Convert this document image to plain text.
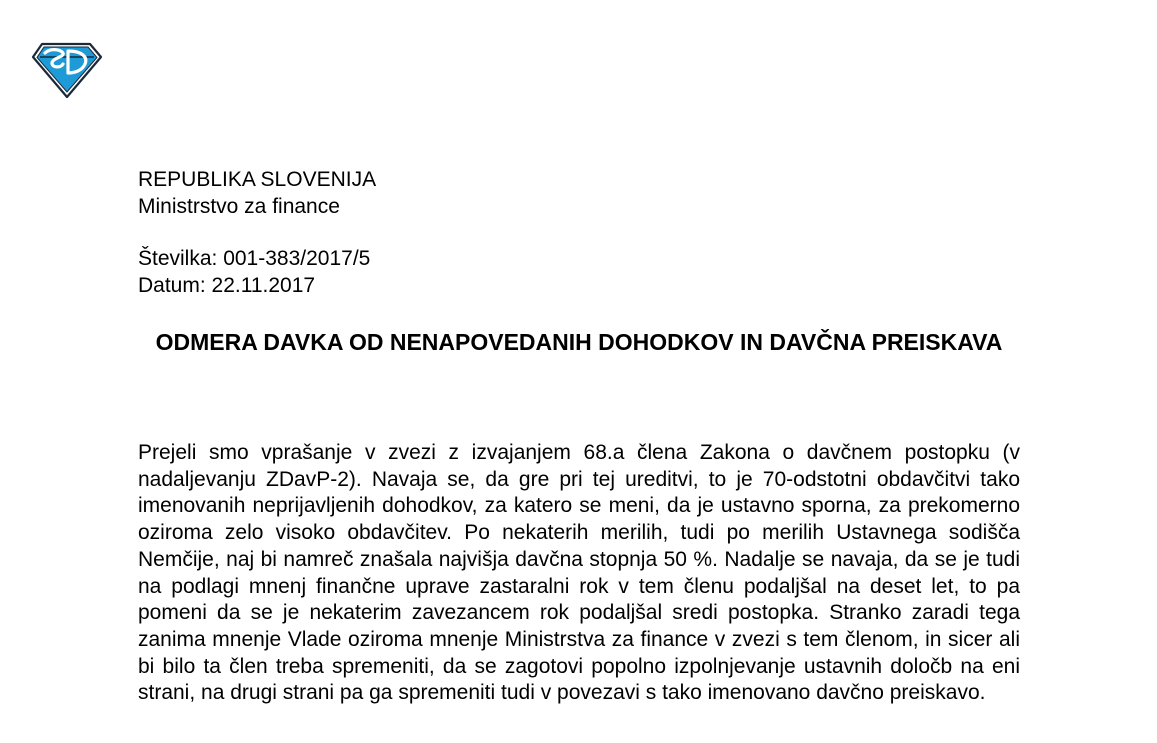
REPUBLIKA SLOVENIJA
Ministrstvo za finance
Številka: 001-383/2017/5
Datum: 22.11.2017
ODMERA DAVKA OD NENAPOVEDANIH DOHODKOV IN DAVČNA PREISKAVA

Prejeli smo vprašanje v zvezi z izvajanjem 68.a člena Zakona o davčnem postopku (v nadaljevanju ZDavP-2). Navaja se, da gre pri tej ureditvi, to je 70-odstotni obdavčitvi tako imenovanih neprijavljenih dohodkov, za katero se meni, da je ustavno sporna, za prekomerno oziroma zelo visoko obdavčitev. Po nekaterih merilih, tudi po merilih Ustavnega sodišča Nemčije, naj bi namreč znašala najvišja davčna stopnja 50 %. Nadalje se navaja, da se je tudi na podlagi mnenj finančne uprave zastaralni rok v tem členu podaljšal na deset let, to pa pomeni da se je nekaterim zavezancem rok podaljšal sredi postopka. Stranko zaradi tega zanima mnenje Vlade oziroma mnenje Ministrstva za finance v zvezi s tem členom, in sicer ali bi bilo ta člen treba spremeniti, da se zagotovi popolno izpolnjevanje ustavnih določb na eni strani, na drugi strani pa ga spremeniti tudi v povezavi s tako imenovano davčno preiskavo.
